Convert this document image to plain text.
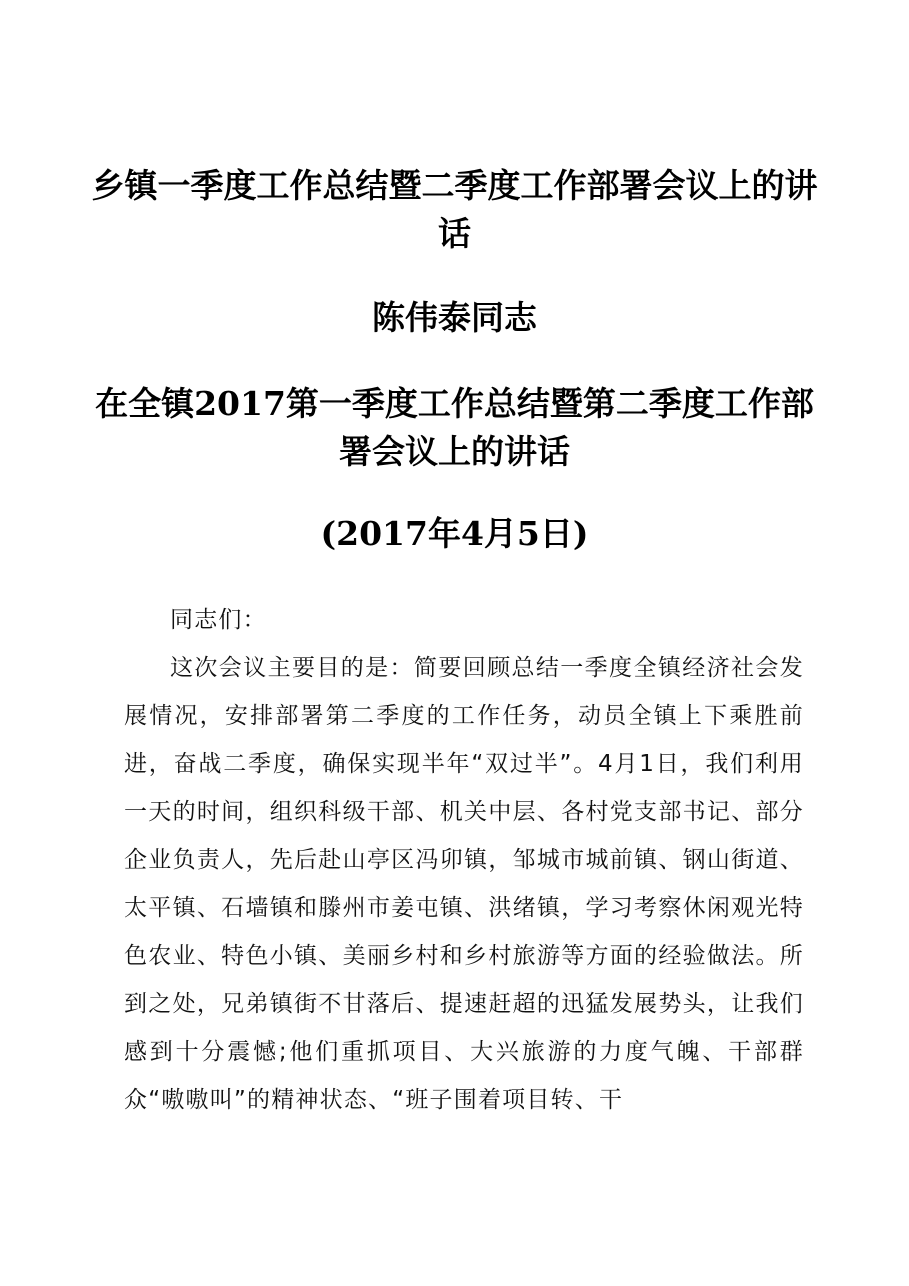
乡镇一季度工作总结暨二季度工作部署会议上的讲话
陈伟泰同志
在全镇2017第一季度工作总结暨第二季度工作部署会议上的讲话
(2017年4月5日)

同志们：

这次会议主要目的是：简要回顾总结一季度全镇经济社会发展情况，安排部署第二季度的工作任务，动员全镇上下乘胜前进，奋战二季度，确保实现半年“双过半”。4月1日，我们利用一天的时间，组织科级干部、机关中层、各村党支部书记、部分企业负责人，先后赴山亭区冯卯镇，邹城市城前镇、钢山街道、太平镇、石墙镇和滕州市姜屯镇、洪绪镇，学习考察休闲观光特色农业、特色小镇、美丽乡村和乡村旅游等方面的经验做法。所到之处，兄弟镇街不甘落后、提速赶超的迅猛发展势头，让我们感到十分震憾;他们重抓项目、大兴旅游的力度气魄、干部群众“嗷嗷叫”的精神状态、“班子围着项目转、干
